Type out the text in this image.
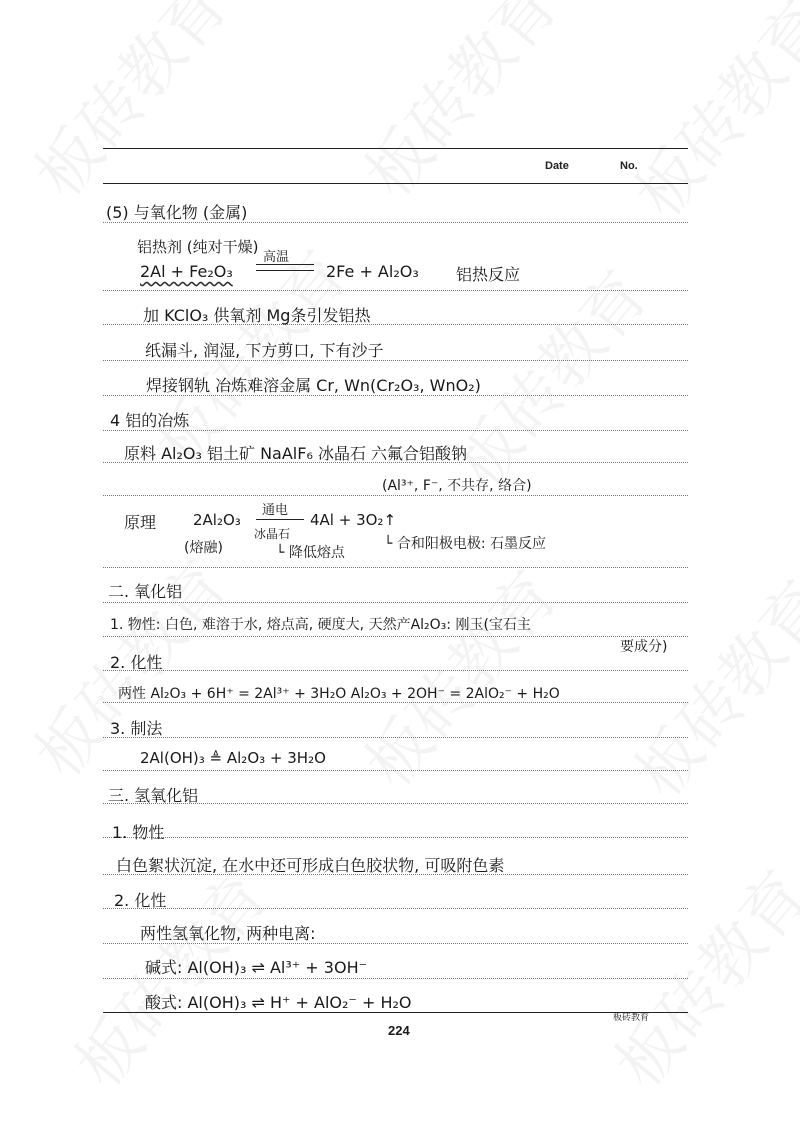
Date	No.
(5) 与氧化物 (金属)
铝热剂 (纯对干燥)
2Al + Fe₂O₃
高温
2Fe + Al₂O₃ 铝热反应
加 KClO₃ 供氧剂 Mg条引发铝热
纸漏斗, 润湿, 下方剪口, 下有沙子
焊接钢轨 冶炼难溶金属 Cr, Wn(Cr₂O₃, WnO₂)
4 铝的冶炼
原料 Al₂O₃ 铝土矿 NaAlF₆ 冰晶石 六氟合铝酸钠
(Al³⁺, F⁻, 不共存, 络合)
原理 2Al₂O₃
通电
冰晶石
4Al + 3O₂↑
(熔融)	└ 降低熔点
└ 合和阳极电极: 石墨反应
二. 氧化铝
1. 物性: 白色, 难溶于水, 熔点高, 硬度大, 天然产Al₂O₃: 刚玉(宝石主
要成分)
2. 化性
两性 Al₂O₃ + 6H⁺ = 2Al³⁺ + 3H₂O Al₂O₃ + 2OH⁻ = 2AlO₂⁻ + H₂O
3. 制法
2Al(OH)₃ ≜ Al₂O₃ + 3H₂O
三. 氢氧化铝
1. 物性
白色絮状沉淀, 在水中还可形成白色胶状物, 可吸附色素
2. 化性
两性氢氧化物, 两种电离:
碱式: Al(OH)₃ ⇌ Al³⁺ + 3OH⁻
酸式: Al(OH)₃ ⇌ H⁺ + AlO₂⁻ + H₂O
板砖教育
224
